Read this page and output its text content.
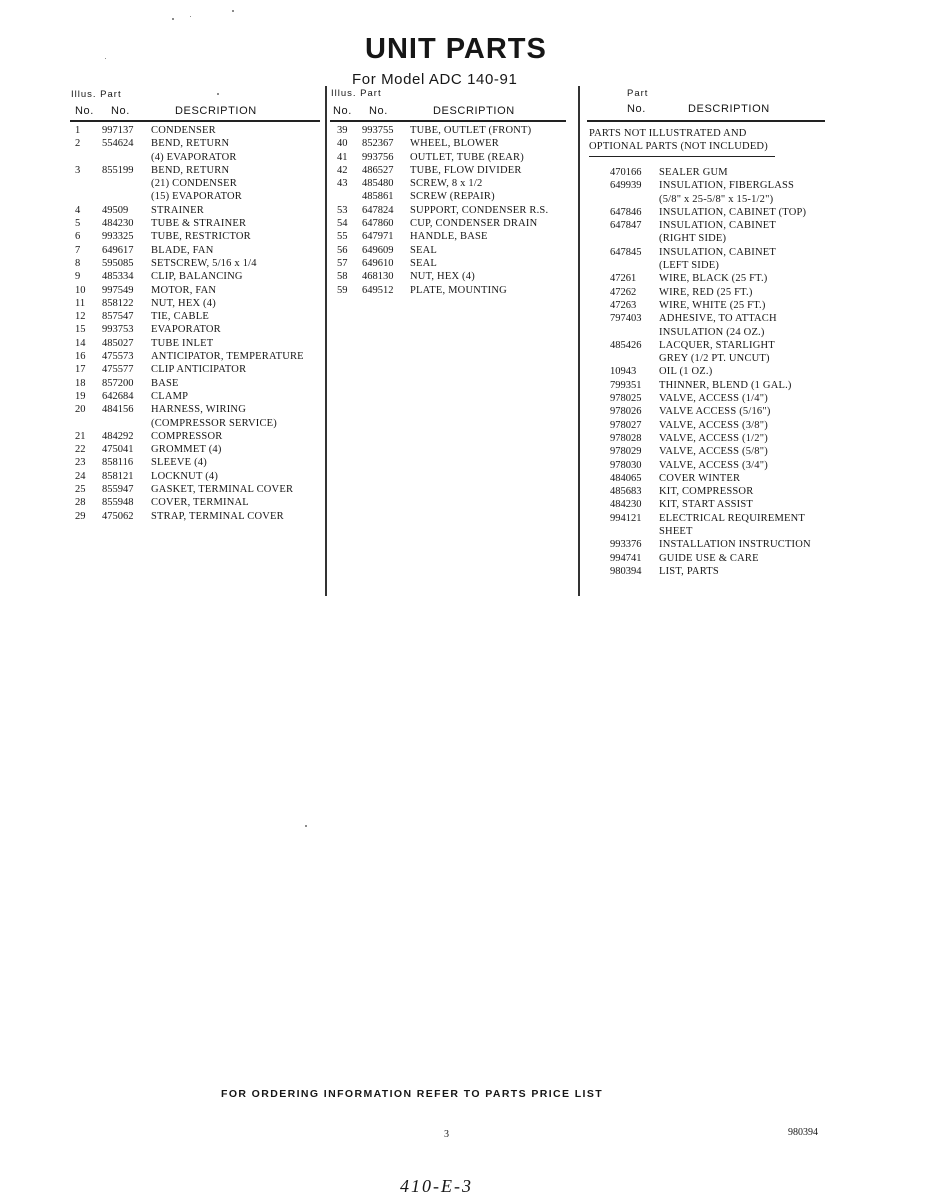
UNIT PARTS
For Model ADC 140-91
Illus. Part
No. No.	DESCRIPTION
1	997137 CONDENSER
2	554624 BEND, RETURN
(4) EVAPORATOR
3	855199 BEND, RETURN
(21) CONDENSER
(15) EVAPORATOR
4	49509 STRAINER
5	484230 TUBE & STRAINER
6	993325 TUBE, RESTRICTOR
7	649617 BLADE, FAN
8	595085 SETSCREW, 5/16 x 1/4
9	485334 CLIP, BALANCING
10	997549 MOTOR, FAN
11	858122 NUT, HEX (4)
12	857547 TIE, CABLE
15	993753 EVAPORATOR
14	485027 TUBE INLET
16	475573 ANTICIPATOR, TEMPERATURE
17	475577 CLIP ANTICIPATOR
18	857200 BASE
19	642684 CLAMP
20	484156 HARNESS, WIRING
(COMPRESSOR SERVICE)
21	484292 COMPRESSOR
22	475041 GROMMET (4)
23	858116 SLEEVE (4)
24	858121 LOCKNUT (4)
25	855947 GASKET, TERMINAL COVER
28	855948 COVER, TERMINAL
29	475062 STRAP, TERMINAL COVER
Illus. Part
No. No.	DESCRIPTION
39	993755 TUBE, OUTLET (FRONT)
40	852367 WHEEL, BLOWER
41	993756 OUTLET, TUBE (REAR)
42	486527 TUBE, FLOW DIVIDER
43	485480 SCREW, 8 x 1/2
485861 SCREW (REPAIR)
53	647824 SUPPORT, CONDENSER R.S.
54	647860 CUP, CONDENSER DRAIN
55	647971 HANDLE, BASE
56	649609 SEAL
57	649610 SEAL
58	468130 NUT, HEX (4)
59	649512 PLATE, MOUNTING
Part
No.	DESCRIPTION
PARTS NOT ILLUSTRATED AND
OPTIONAL PARTS (NOT INCLUDED)
470166 SEALER GUM
649939 INSULATION, FIBERGLASS
(5/8" x 25-5/8" x 15-1/2")
647846 INSULATION, CABINET (TOP)
647847 INSULATION, CABINET
(RIGHT SIDE)
647845 INSULATION, CABINET
(LEFT SIDE)
47261 WIRE, BLACK (25 FT.)
47262 WIRE, RED (25 FT.)
47263 WIRE, WHITE (25 FT.)
797403 ADHESIVE, TO ATTACH
INSULATION (24 OZ.)
485426 LACQUER, STARLIGHT
GREY (1/2 PT. UNCUT)
10943 OIL (1 OZ.)
799351 THINNER, BLEND (1 GAL.)
978025 VALVE, ACCESS (1/4")
978026 VALVE ACCESS (5/16")
978027 VALVE, ACCESS (3/8")
978028 VALVE, ACCESS (1/2")
978029 VALVE, ACCESS (5/8")
978030 VALVE, ACCESS (3/4")
484065 COVER WINTER
485683 KIT, COMPRESSOR
484230 KIT, START ASSIST
994121 ELECTRICAL REQUIREMENT
SHEET
993376 INSTALLATION INSTRUCTION
994741 GUIDE USE & CARE
980394 LIST, PARTS
FOR ORDERING INFORMATION REFER TO PARTS PRICE LIST
3	980394
410-E-3
